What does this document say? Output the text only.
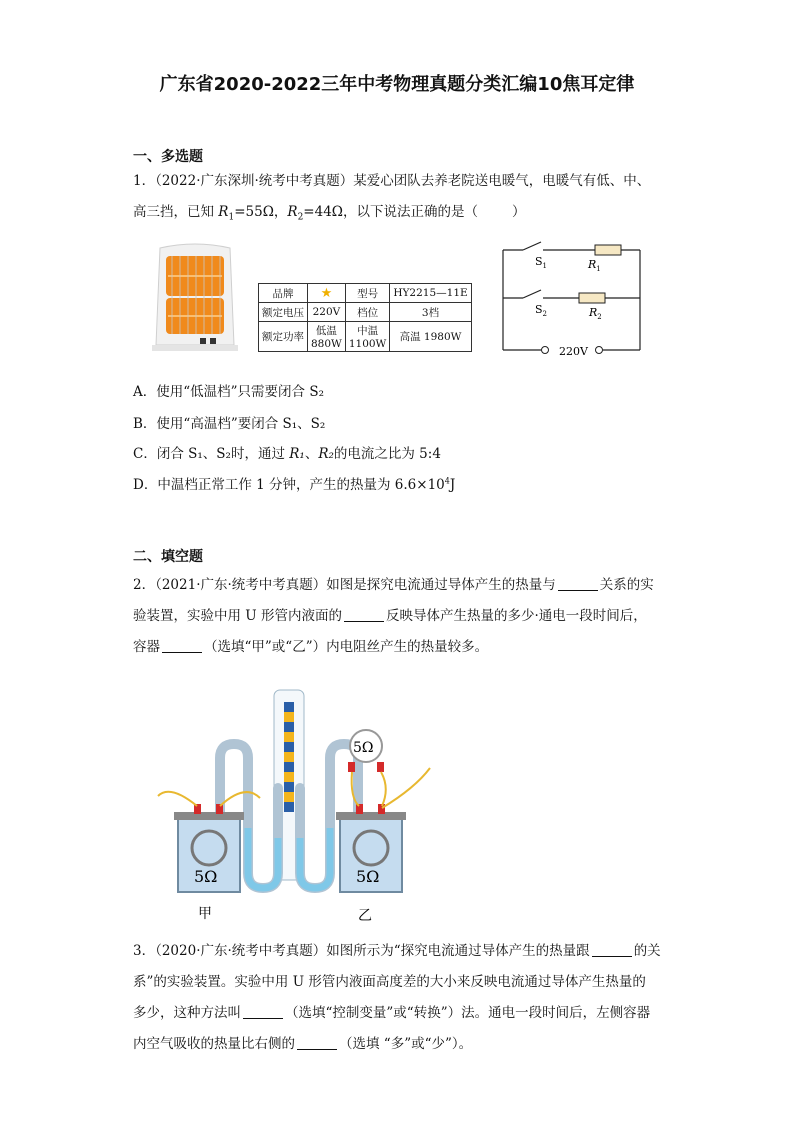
广东省2020-2022三年中考物理真题分类汇编10焦耳定律
一、多选题
1．（2022·广东深圳·统考中考真题）某爱心团队去养老院送电暖气，电暖气有低、中、
高三挡，已知 $R_1=55\Omega$，$R_2=44\Omega$，以下说法正确的是（	）
品牌	★	型号	HY2215—11E
额定电压	220V	档位	3档
额定功率	低温 880W	中温 1100W	高温 1980W
$S_1$
$S_2$
$R_1$
$R_2$
220V
A．使用“低温档”只需要闭合 S₂
B．使用“高温档”要闭合 S₁、S₂
C．闭合 S₁、S₂时，通过 R₁、R₂的电流之比为 5:4
D．中温档正常工作 1 分钟，产生的热量为 $6.6\times 10^4J$
二、填空题
2．（2021·广东·统考中考真题）如图是探究电流通过导体产生的热量与	关系的实
验装置，实验中用 U 形管内液面的	反映导体产生热量的多少·通电一段时间后，
容器	（选填“甲”或“乙”）内电阻丝产生的热量较多。
5Ω	5Ω
5Ω
甲	乙
3．（2020·广东·统考中考真题）如图所示为“探究电流通过导体产生的热量跟	的关
系”的实验装置。实验中用 U 形管内液面高度差的大小来反映电流通过导体产生热量的
多少，这种方法叫	（选填“控制变量”或“转换”）法。通电一段时间后，左侧容器
内空气吸收的热量比右侧的	（选填 “多”或“少”）。
